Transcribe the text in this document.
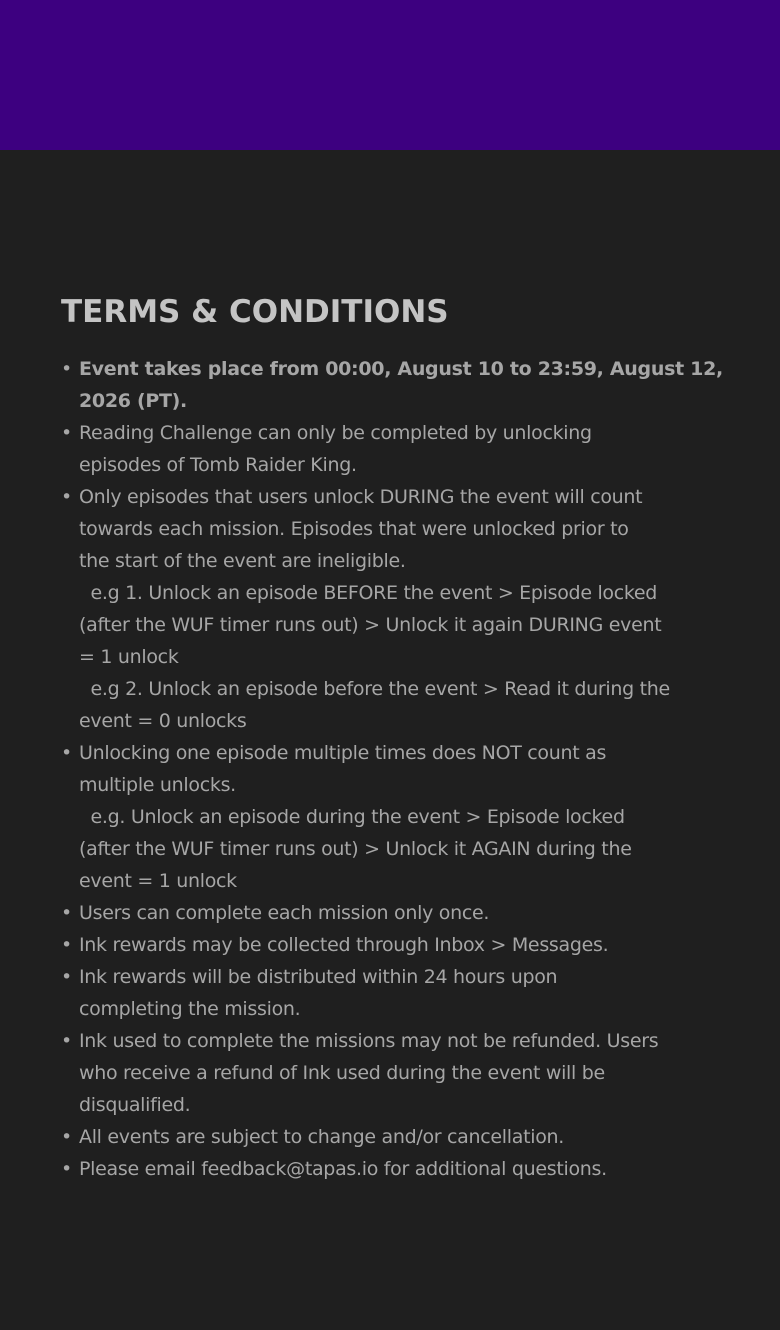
TERMS & CONDITIONS
• Event takes place from 00:00, August 10 to 23:59, August 12,
2026 (PT).
• Reading Challenge can only be completed by unlocking
episodes of Tomb Raider King.
• Only episodes that users unlock DURING the event will count
towards each mission. Episodes that were unlocked prior to
the start of the event are ineligible.
e.g 1. Unlock an episode BEFORE the event > Episode locked
(after the WUF timer runs out) > Unlock it again DURING event
= 1 unlock
e.g 2. Unlock an episode before the event > Read it during the
event = 0 unlocks
• Unlocking one episode multiple times does NOT count as
multiple unlocks.
e.g. Unlock an episode during the event > Episode locked
(after the WUF timer runs out) > Unlock it AGAIN during the
event = 1 unlock
• Users can complete each mission only once.
• Ink rewards may be collected through Inbox > Messages.
• Ink rewards will be distributed within 24 hours upon
completing the mission.
• Ink used to complete the missions may not be refunded. Users
who receive a refund of Ink used during the event will be
disqualified.
• All events are subject to change and/or cancellation.
• Please email feedback@tapas.io for additional questions.
